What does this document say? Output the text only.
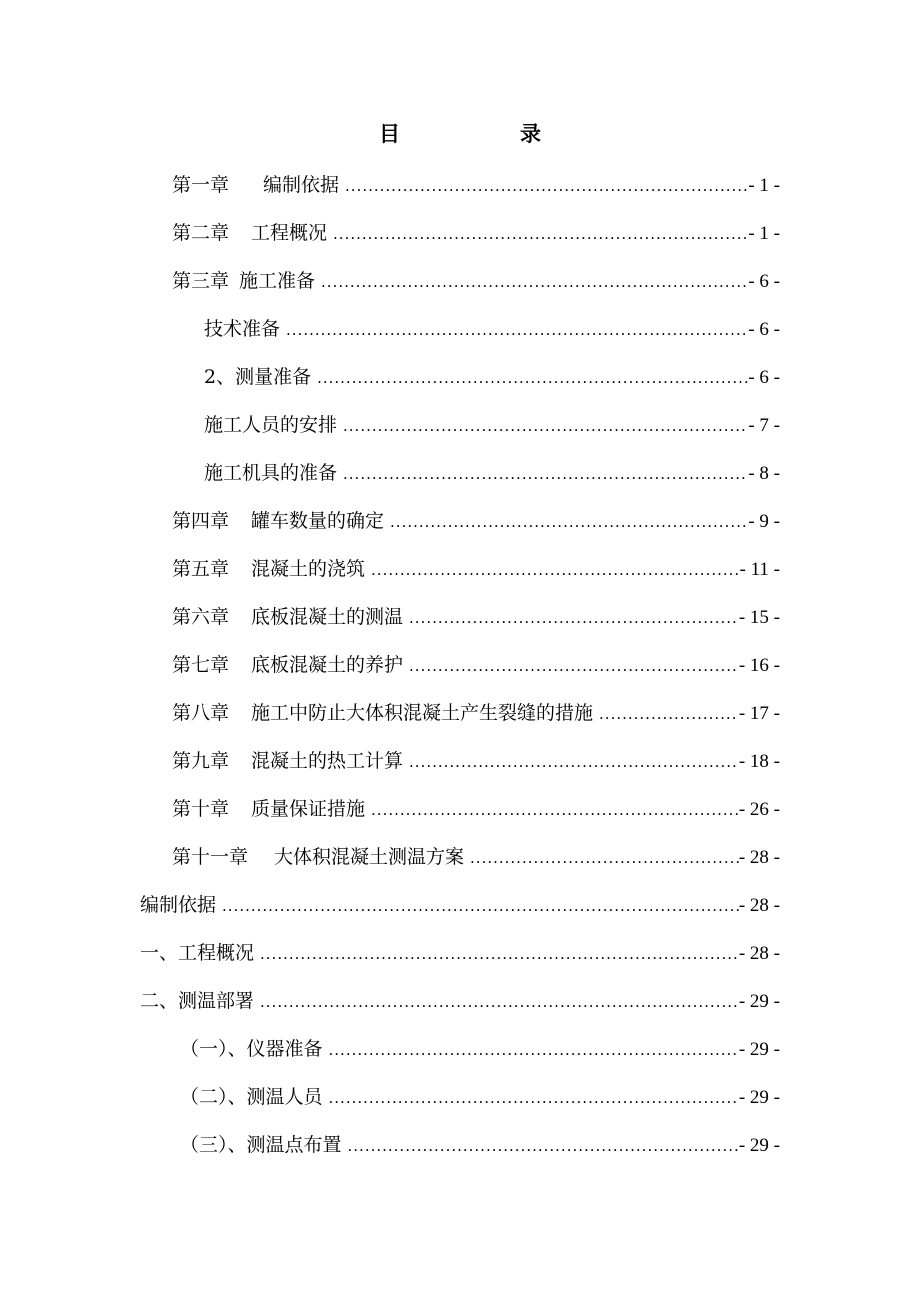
目	录
第一章 编制依据 .....	- 1 -
第二章 工程概况 .....	- 1 -
第三章 施工准备 .....	- 6 -
技术准备 .....	- 6 -
2、测量准备 .....	- 6 -
施工人员的安排 .....	- 7 -
施工机具的准备 .....	- 8 -
第四章 罐车数量的确定 .....	- 9 -
第五章 混凝土的浇筑 .....	- 11 -
第六章 底板混凝土的测温 .....	- 15 -
第七章 底板混凝土的养护 .....	- 16 -
第八章 施工中防止大体积混凝土产生裂缝的措施 .....	- 17 -
第九章 混凝土的热工计算 .....	- 18 -
第十章 质量保证措施 .....	- 26 -
第十一章 大体积混凝土测温方案 .....	- 28 -
编制依据 .....	- 28 -
一、工程概况 .....	- 28 -
二、测温部署 .....	- 29 -
（一）、仪器准备 .....	- 29 -
（二）、测温人员 .....	- 29 -
（三）、测温点布置 .....	- 29 -
